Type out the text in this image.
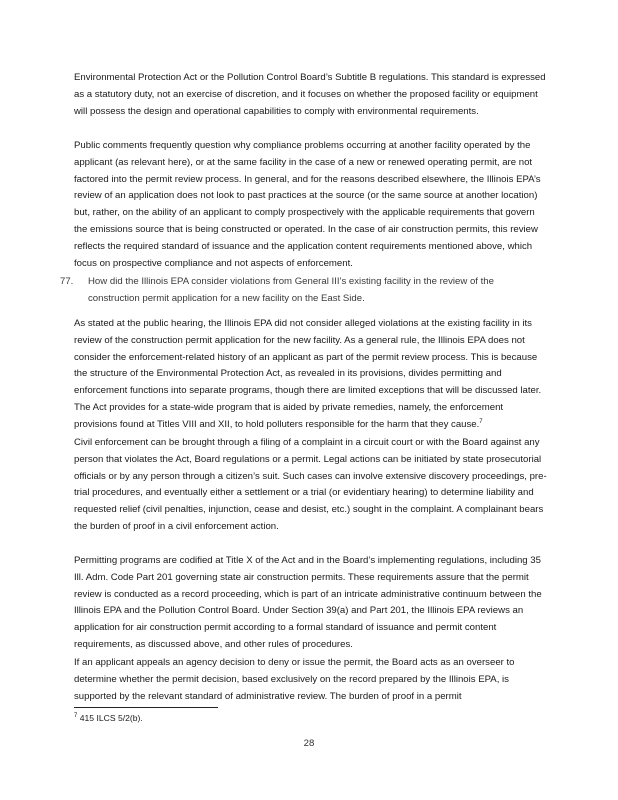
Environmental Protection Act or the Pollution Control Board’s Subtitle B regulations. This standard is expressed as a statutory duty, not an exercise of discretion, and it focuses on whether the proposed facility or equipment will possess the design and operational capabilities to comply with environmental requirements.

Public comments frequently question why compliance problems occurring at another facility operated by the applicant (as relevant here), or at the same facility in the case of a new or renewed operating permit, are not factored into the permit review process. In general, and for the reasons described elsewhere, the Illinois EPA’s review of an application does not look to past practices at the source (or the same source at another location) but, rather, on the ability of an applicant to comply prospectively with the applicable requirements that govern the emissions source that is being constructed or operated. In the case of air construction permits, this review reflects the required standard of issuance and the application content requirements mentioned above, which focus on prospective compliance and not aspects of enforcement.

77. How did the Illinois EPA consider violations from General III’s existing facility in the review of the construction permit application for a new facility on the East Side.

As stated at the public hearing, the Illinois EPA did not consider alleged violations at the existing facility in its review of the construction permit application for the new facility. As a general rule, the Illinois EPA does not consider the enforcement-related history of an applicant as part of the permit review process. This is because the structure of the Environmental Protection Act, as revealed in its provisions, divides permitting and enforcement functions into separate programs, though there are limited exceptions that will be discussed later. The Act provides for a state-wide program that is aided by private remedies, namely, the enforcement provisions found at Titles VIII and XII, to hold polluters responsible for the harm that they cause.$^7$

Civil enforcement can be brought through a filing of a complaint in a circuit court or with the Board against any person that violates the Act, Board regulations or a permit. Legal actions can be initiated by state prosecutorial officials or by any person through a citizen’s suit. Such cases can involve extensive discovery proceedings, pre-trial procedures, and eventually either a settlement or a trial (or evidentiary hearing) to determine liability and requested relief (civil penalties, injunction, cease and desist, etc.) sought in the complaint. A complainant bears the burden of proof in a civil enforcement action.

Permitting programs are codified at Title X of the Act and in the Board’s implementing regulations, including 35 Ill. Adm. Code Part 201 governing state air construction permits. These requirements assure that the permit review is conducted as a record proceeding, which is part of an intricate administrative continuum between the Illinois EPA and the Pollution Control Board. Under Section 39(a) and Part 201, the Illinois EPA reviews an application for air construction permit according to a formal standard of issuance and permit content requirements, as discussed above, and other rules of procedures.

If an applicant appeals an agency decision to deny or issue the permit, the Board acts as an overseer to determine whether the permit decision, based exclusively on the record prepared by the Illinois EPA, is supported by the relevant standard of administrative review. The burden of proof in a permit

$^7$ 415 ILCS 5/2(b).

28
